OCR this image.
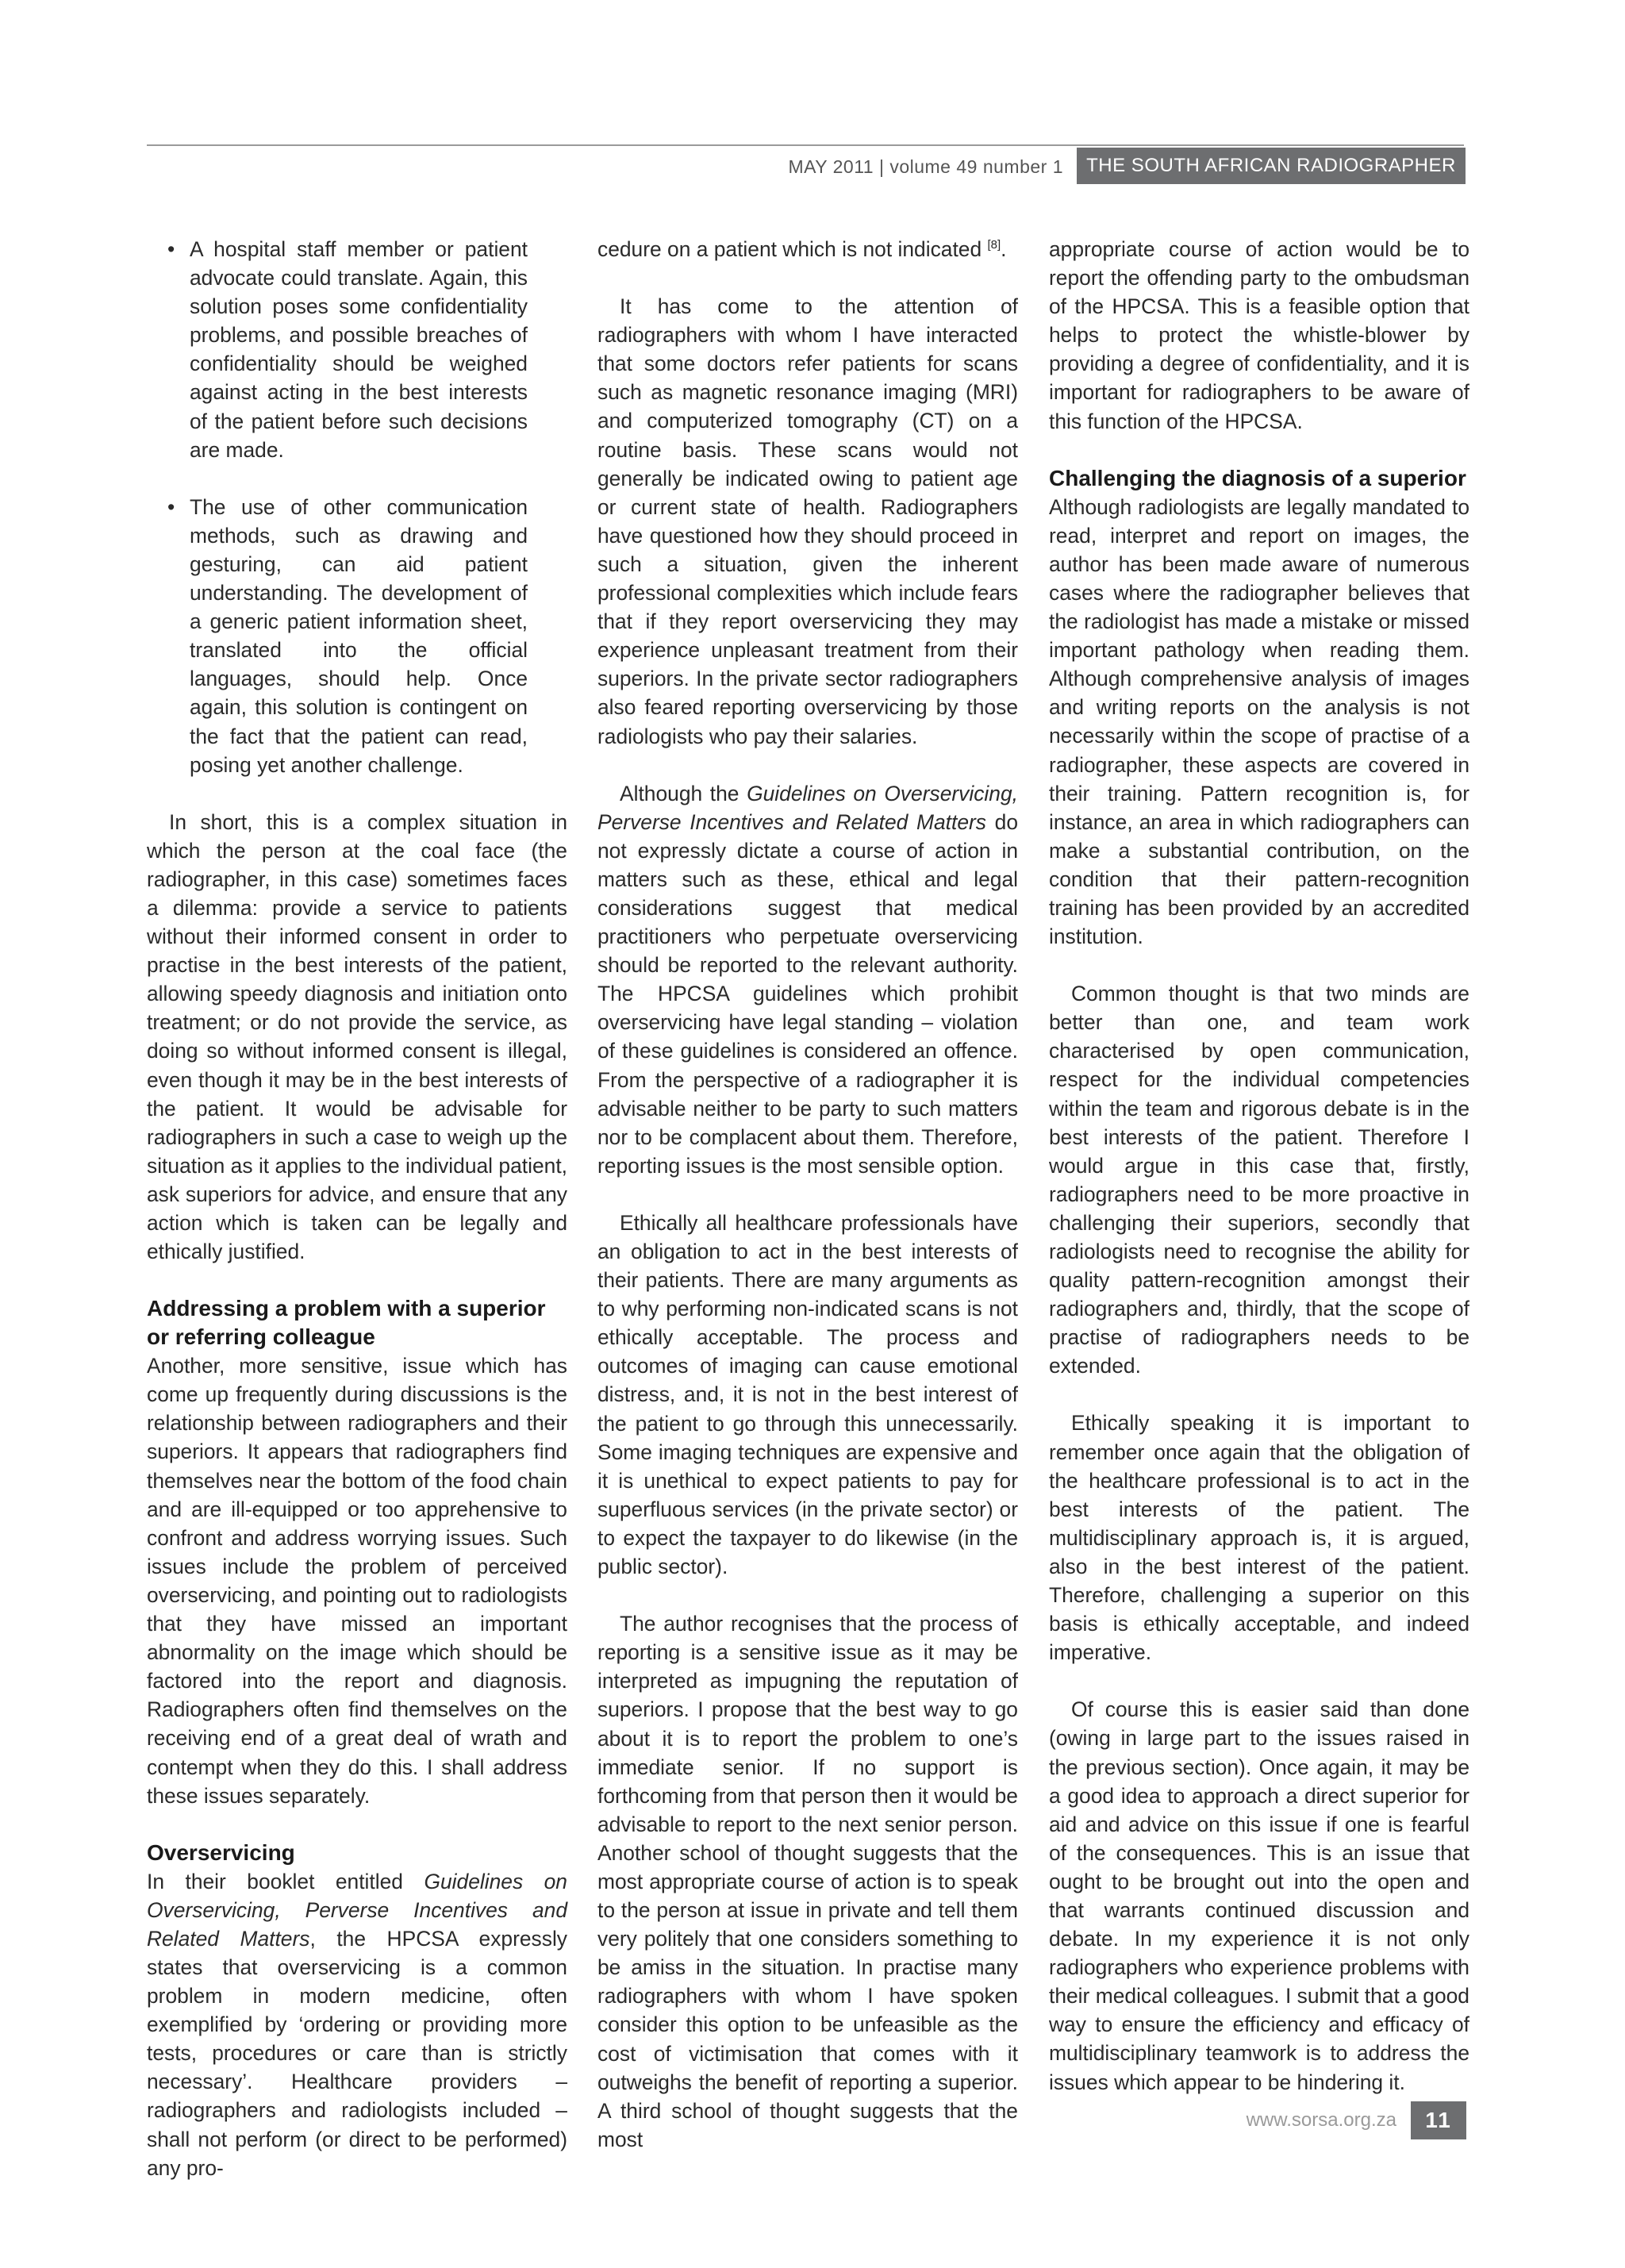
MAY 2011 | volume 49 number 1	THE SOUTH AFRICAN RADIOGRAPHER
• A hospital staff member or patient advocate could translate. Again, this solution poses some confidentiality problems, and possible breaches of confidentiality should be weighed against acting in the best interests of the patient before such decisions are made.
• The use of other communication methods, such as drawing and gesturing, can aid patient understanding. The development of a generic patient information sheet, translated into the official languages, should help. Once again, this solution is contingent on the fact that the patient can read, posing yet another challenge.

In short, this is a complex situation in which the person at the coal face (the radiographer, in this case) sometimes faces a dilemma: provide a service to patients without their informed consent in order to practise in the best interests of the patient, allowing speedy diagnosis and initiation onto treatment; or do not provide the service, as doing so without informed consent is illegal, even though it may be in the best interests of the patient. It would be advisable for radiographers in such a case to weigh up the situation as it applies to the individual patient, ask superiors for advice, and ensure that any action which is taken can be legally and ethically justified.

Addressing a problem with a superior or referring colleague

Another, more sensitive, issue which has come up frequently during discussions is the relationship between radiographers and their superiors. It appears that radiographers find themselves near the bottom of the food chain and are ill-equipped or too apprehensive to confront and address worrying issues. Such issues include the problem of perceived overservicing, and pointing out to radiologists that they have missed an important abnormality on the image which should be factored into the report and diagnosis. Radiographers often find themselves on the receiving end of a great deal of wrath and contempt when they do this. I shall address these issues separately.

Overservicing

In their booklet entitled Guidelines on Overservicing, Perverse Incentives and Related Matters, the HPCSA expressly states that overservicing is a common problem in modern medicine, often exemplified by ‘ordering or providing more tests, procedures or care than is strictly necessary’. Healthcare providers – radiographers and radiologists included – shall not perform (or direct to be performed) any pro-

cedure on a patient which is not indicated [8].

It has come to the attention of radiographers with whom I have interacted that some doctors refer patients for scans such as magnetic resonance imaging (MRI) and computerized tomography (CT) on a routine basis. These scans would not generally be indicated owing to patient age or current state of health. Radiographers have questioned how they should proceed in such a situation, given the inherent professional complexities which include fears that if they report overservicing they may experience unpleasant treatment from their superiors. In the private sector radiographers also feared reporting overservicing by those radiologists who pay their salaries.

Although the Guidelines on Overservicing, Perverse Incentives and Related Matters do not expressly dictate a course of action in matters such as these, ethical and legal considerations suggest that medical practitioners who perpetuate overservicing should be reported to the relevant authority. The HPCSA guidelines which prohibit overservicing have legal standing – violation of these guidelines is considered an offence. From the perspective of a radiographer it is advisable neither to be party to such matters nor to be complacent about them. Therefore, reporting issues is the most sensible option.

Ethically all healthcare professionals have an obligation to act in the best interests of their patients. There are many arguments as to why performing non-indicated scans is not ethically acceptable. The process and outcomes of imaging can cause emotional distress, and, it is not in the best interest of the patient to go through this unnecessarily. Some imaging techniques are expensive and it is unethical to expect patients to pay for superfluous services (in the private sector) or to expect the taxpayer to do likewise (in the public sector).

The author recognises that the process of reporting is a sensitive issue as it may be interpreted as impugning the reputation of superiors. I propose that the best way to go about it is to report the problem to one’s immediate senior. If no support is forthcoming from that person then it would be advisable to report to the next senior person. Another school of thought suggests that the most appropriate course of action is to speak to the person at issue in private and tell them very politely that one considers something to be amiss in the situation. In practise many radiographers with whom I have spoken consider this option to be unfeasible as the cost of victimisation that comes with it outweighs the benefit of reporting a superior. A third school of thought suggests that the most

appropriate course of action would be to report the offending party to the ombudsman of the HPCSA. This is a feasible option that helps to protect the whistle-blower by providing a degree of confidentiality, and it is important for radiographers to be aware of this function of the HPCSA.

Challenging the diagnosis of a superior

Although radiologists are legally mandated to read, interpret and report on images, the author has been made aware of numerous cases where the radiographer believes that the radiologist has made a mistake or missed important pathology when reading them. Although comprehensive analysis of images and writing reports on the analysis is not necessarily within the scope of practise of a radiographer, these aspects are covered in their training. Pattern recognition is, for instance, an area in which radiographers can make a substantial contribution, on the condition that their pattern-recognition training has been provided by an accredited institution.

Common thought is that two minds are better than one, and team work characterised by open communication, respect for the individual competencies within the team and rigorous debate is in the best interests of the patient. Therefore I would argue in this case that, firstly, radiographers need to be more proactive in challenging their superiors, secondly that radiologists need to recognise the ability for quality pattern-recognition amongst their radiographers and, thirdly, that the scope of practise of radiographers needs to be extended.

Ethically speaking it is important to remember once again that the obligation of the healthcare professional is to act in the best interests of the patient. The multidisciplinary approach is, it is argued, also in the best interest of the patient. Therefore, challenging a superior on this basis is ethically acceptable, and indeed imperative.

Of course this is easier said than done (owing in large part to the issues raised in the previous section). Once again, it may be a good idea to approach a direct superior for aid and advice on this issue if one is fearful of the consequences. This is an issue that ought to be brought out into the open and that warrants continued discussion and debate. In my experience it is not only radiographers who experience problems with their medical colleagues. I submit that a good way to ensure the efficiency and efficacy of multidisciplinary teamwork is to address the issues which appear to be hindering it.

www.sorsa.org.za	11
